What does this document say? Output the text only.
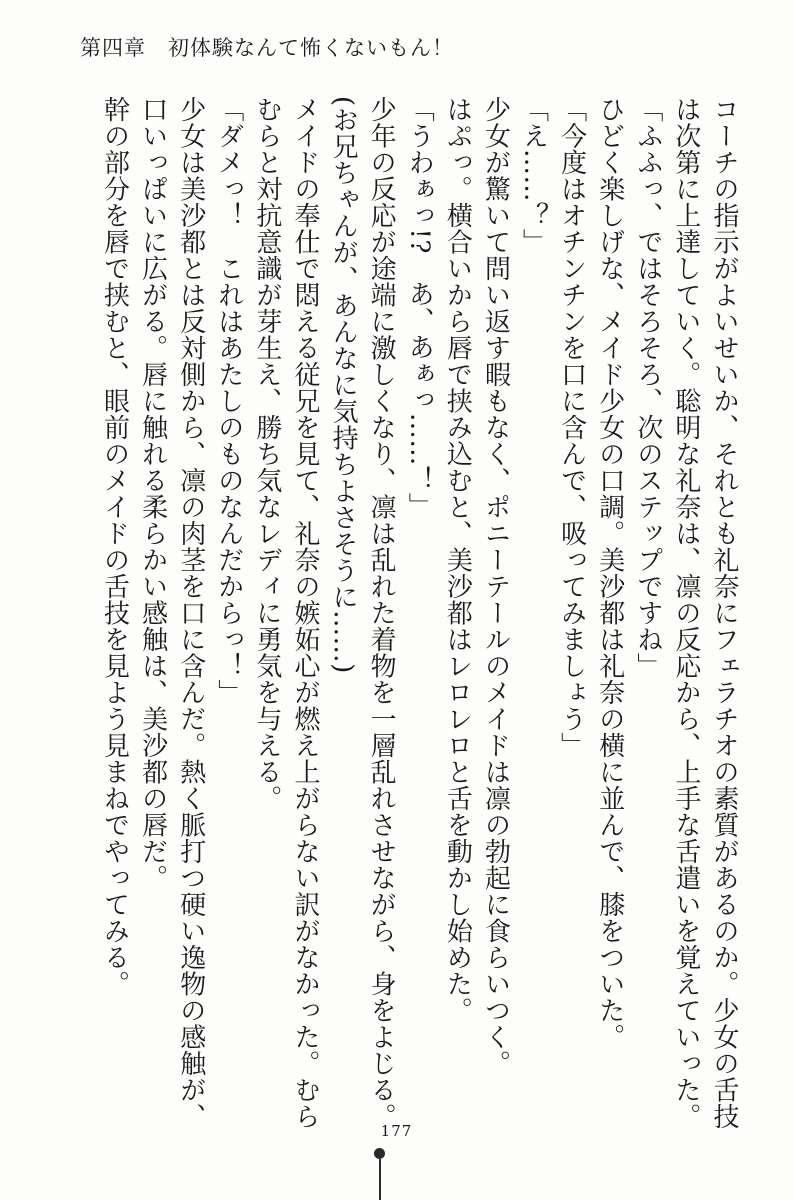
第四章　初体験なんて怖くないもん！
コーチの指示がよいせいか、それとも礼奈にフェラチオの素質があるのか。少女の舌技
は次第に上達していく。聡明な礼奈は、凛の反応から、上手な舌遣いを覚えていった。
「ふふっ、ではそろそろ、次のステップですね」
ひどく楽しげな、メイド少女の口調。美沙都は礼奈の横に並んで、膝をついた。
「今度はオチンチンを口に含んで、吸ってみましょう」
「え……？」
少女が驚いて問い返す暇もなく、ポニーテールのメイドは凛の勃起に食らいつく。
はぷっ。横合いから唇で挟み込むと、美沙都はレロレロと舌を動かし始めた。
「うわぁっ!?　あ、あぁっ……！」
少年の反応が途端に激しくなり、凛は乱れた着物を一層乱れさせながら、身をよじる。
(お兄ちゃんが、あんなに気持ちよさそうに……)
メイドの奉仕で悶える従兄を見て、礼奈の嫉妬心が燃え上がらない訳がなかった。むら
むらと対抗意識が芽生え、勝ち気なレディに勇気を与える。
「ダメっ！　これはあたしのものなんだからっ！」
少女は美沙都とは反対側から、凛の肉茎を口に含んだ。熱く脈打つ硬い逸物の感触が、
口いっぱいに広がる。唇に触れる柔らかい感触は、美沙都の唇だ。
幹の部分を唇で挟むと、眼前のメイドの舌技を見よう見まねでやってみる。
177
